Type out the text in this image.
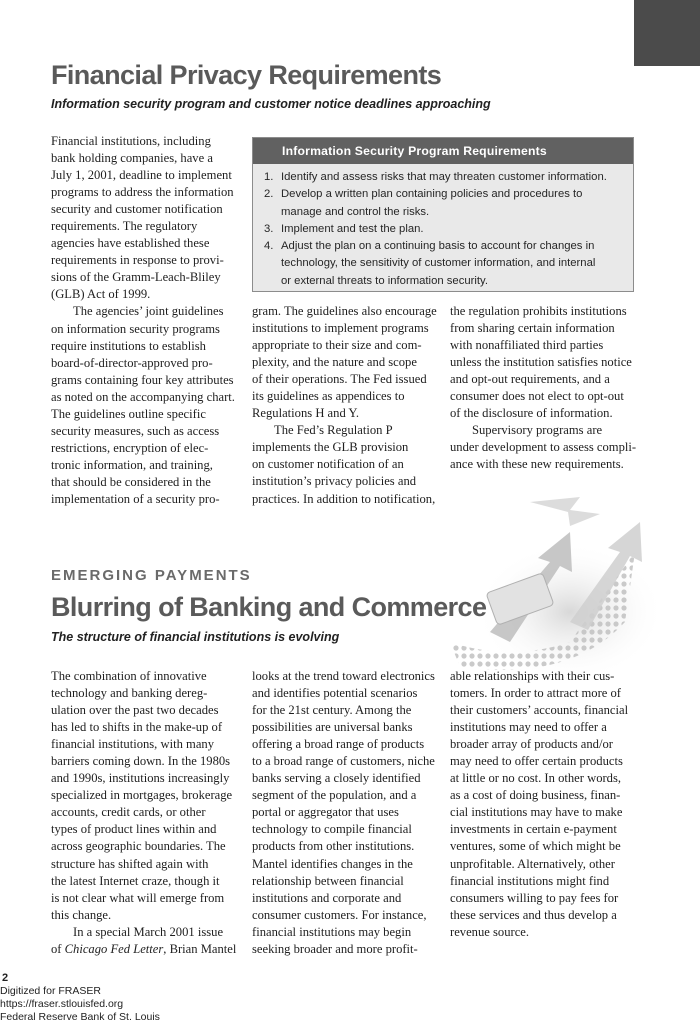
Financial Privacy Requirements
Information security program and customer notice deadlines approaching

Financial institutions, including
bank holding companies, have a
July 1, 2001, deadline to implement
programs to address the information
security and customer notification
requirements. The regulatory
agencies have established these
requirements in response to provi-
sions of the Gramm-Leach-Bliley
(GLB) Act of 1999.

The agencies’ joint guidelines
on information security programs
require institutions to establish
board-of-director-approved pro-
grams containing four key attributes
as noted on the accompanying chart.
The guidelines outline specific
security measures, such as access
restrictions, encryption of elec-
tronic information, and training,
that should be considered in the
implementation of a security pro-

Information Security Program Requirements
1. Identify and assess risks that may threaten customer information.
2. Develop a written plan containing policies and procedures to
manage and control the risks.
3. Implement and test the plan.
4. Adjust the plan on a continuing basis to account for changes in
technology, the sensitivity of customer information, and internal
or external threats to information security.

gram. The guidelines also encourage
institutions to implement programs
appropriate to their size and com-
plexity, and the nature and scope
of their operations. The Fed issued
its guidelines as appendices to
Regulations H and Y.

The Fed’s Regulation P
implements the GLB provision
on customer notification of an
institution’s privacy policies and
practices. In addition to notification,

the regulation prohibits institutions
from sharing certain information
with nonaffiliated third parties
unless the institution satisfies notice
and opt-out requirements, and a
consumer does not elect to opt-out
of the disclosure of information.

Supervisory programs are
under development to assess compli-
ance with these new requirements.

EMERGING PAYMENTS
Blurring of Banking and Commerce
The structure of financial institutions is evolving

The combination of innovative
technology and banking dereg-
ulation over the past two decades
has led to shifts in the make-up of
financial institutions, with many
barriers coming down. In the 1980s
and 1990s, institutions increasingly
specialized in mortgages, brokerage
accounts, credit cards, or other
types of product lines within and
across geographic boundaries. The
structure has shifted again with
the latest Internet craze, though it
is not clear what will emerge from
this change.

In a special March 2001 issue
of Chicago Fed Letter, Brian Mantel

looks at the trend toward electronics
and identifies potential scenarios
for the 21st century. Among the
possibilities are universal banks
offering a broad range of products
to a broad range of customers, niche
banks serving a closely identified
segment of the population, and a
portal or aggregator that uses
technology to compile financial
products from other institutions.
Mantel identifies changes in the
relationship between financial
institutions and corporate and
consumer customers. For instance,
financial institutions may begin
seeking broader and more profit-

able relationships with their cus-
tomers. In order to attract more of
their customers’ accounts, financial
institutions may need to offer a
broader array of products and/or
may need to offer certain products
at little or no cost. In other words,
as a cost of doing business, finan-
cial institutions may have to make
investments in certain e-payment
ventures, some of which might be
unprofitable. Alternatively, other
financial institutions might find
consumers willing to pay fees for
these services and thus develop a
revenue source.

2
Digitized for FRASER
https://fraser.stlouisfed.org
Federal Reserve Bank of St. Louis
